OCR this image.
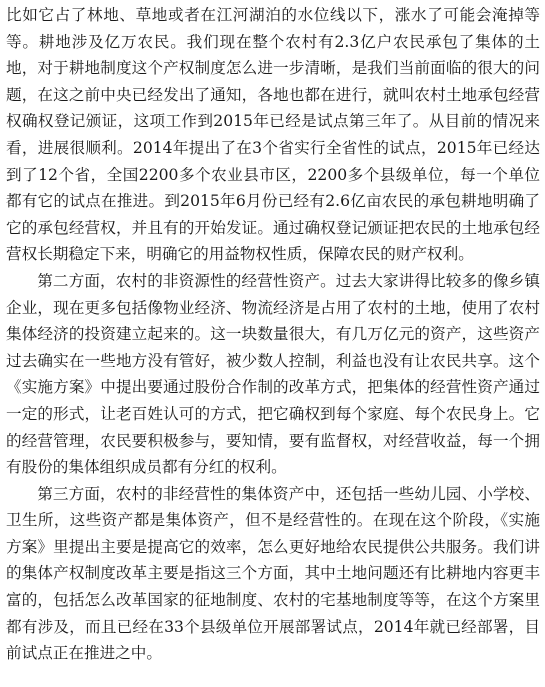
比如它占了林地、草地或者在江河湖泊的水位线以下，涨水了可能会淹掉等等。耕地涉及亿万农民。我们现在整个农村有2.3亿户农民承包了集体的土地，对于耕地制度这个产权制度怎么进一步清晰，是我们当前面临的很大的问题，在这之前中央已经发出了通知，各地也都在进行，就叫农村土地承包经营权确权登记颁证，这项工作到2015年已经是试点第三年了。从目前的情况来看，进展很顺利。2014年提出了在3个省实行全省性的试点，2015年已经达到了12个省，全国2200多个农业县市区，2200多个县级单位，每一个单位都有它的试点在推进。到2015年6月份已经有2.6亿亩农民的承包耕地明确了它的承包经营权，并且有的开始发证。通过确权登记颁证把农民的土地承包经营权长期稳定下来，明确它的用益物权性质，保障农民的财产权利。

第二方面，农村的非资源性的经营性资产。过去大家讲得比较多的像乡镇企业，现在更多包括像物业经济、物流经济是占用了农村的土地，使用了农村集体经济的投资建立起来的。这一块数量很大，有几万亿元的资产，这些资产过去确实在一些地方没有管好，被少数人控制，利益也没有让农民共享。这个《实施方案》中提出要通过股份合作制的改革方式，把集体的经营性资产通过一定的形式，让老百姓认可的方式，把它确权到每个家庭、每个农民身上。它的经营管理，农民要积极参与，要知情，要有监督权，对经营收益，每一个拥有股份的集体组织成员都有分红的权利。

第三方面，农村的非经营性的集体资产中，还包括一些幼儿园、小学校、卫生所，这些资产都是集体资产，但不是经营性的。在现在这个阶段，《实施方案》里提出主要是提高它的效率，怎么更好地给农民提供公共服务。我们讲的集体产权制度改革主要是指这三个方面，其中土地问题还有比耕地内容更丰富的，包括怎么改革国家的征地制度、农村的宅基地制度等等，在这个方案里都有涉及，而且已经在33个县级单位开展部署试点，2014年就已经部署，目前试点正在推进之中。
